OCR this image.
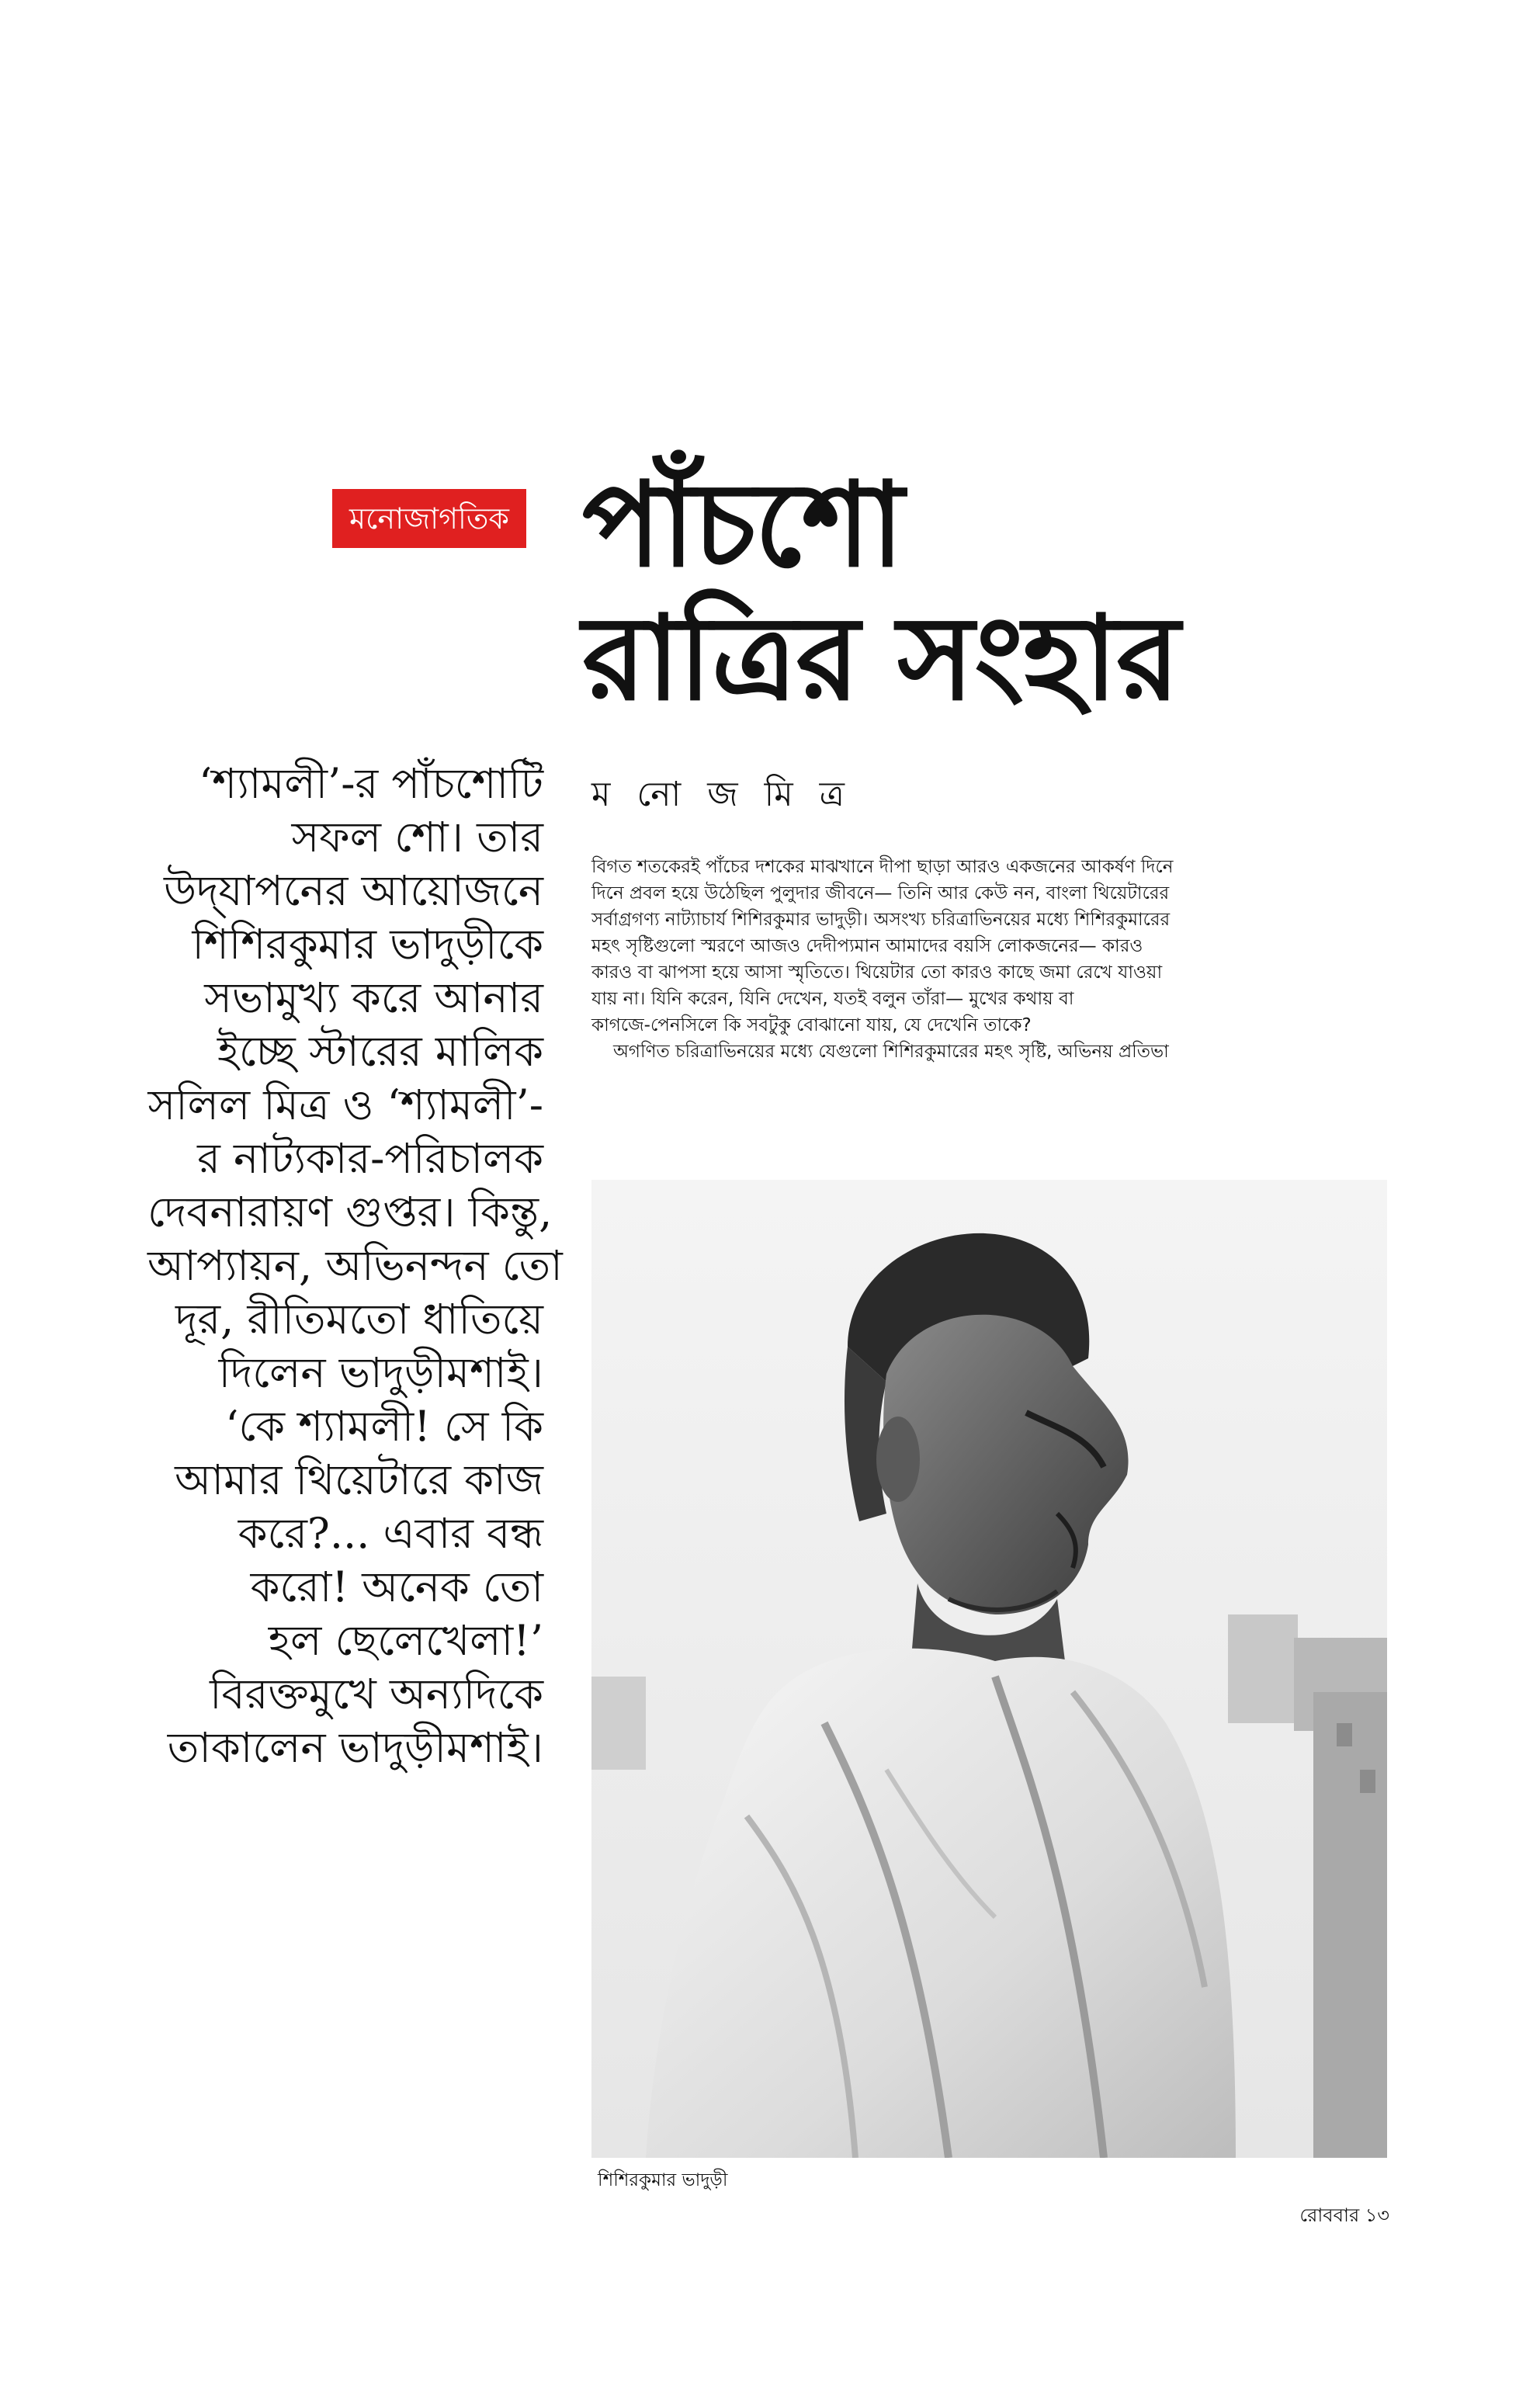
মনোজাগতিক পাঁচশো
রাত্রির সংহার
ম নো জ মি ত্র
‘শ্যামলী’-র পাঁচশোটি
সফল শো। তার
উদ্‌যাপনের আয়োজনে
শিশিরকুমার ভাদুড়ীকে
সভামুখ্য করে আনার
ইচ্ছে স্টারের মালিক
সলিল মিত্র ও ‘শ্যামলী’-
র নাট্যকার-পরিচালক
দেবনারায়ণ গুপ্তর। কিন্তু,
আপ্যায়ন, অভিনন্দন তো
দূর, রীতিমতো ধাতিয়ে
দিলেন ভাদুড়ীমশাই।
‘কে শ্যামলী! সে কি
আমার থিয়েটারে কাজ
করে?... এবার বন্ধ
করো! অনেক তো
হল ছেলেখেলা!’
বিরক্তমুখে অন্যদিকে
তাকালেন ভাদুড়ীমশাই।
বিগত শতকেরই পাঁচের দশকের মাঝখানে দীপা ছাড়া আরও একজনের আকর্ষণ দিনে
দিনে প্রবল হয়ে উঠেছিল পুলুদার জীবনে— তিনি আর কেউ নন, বাংলা থিয়েটারের
সর্বাগ্রগণ্য নাট্যাচার্য শিশিরকুমার ভাদুড়ী। অসংখ্য চরিত্রাভিনয়ের মধ্যে শিশিরকুমারের
মহৎ সৃষ্টিগুলো স্মরণে আজও দেদীপ্যমান আমাদের বয়সি লোকজনের— কারও
কারও বা ঝাপসা হয়ে আসা স্মৃতিতে। থিয়েটার তো কারও কাছে জমা রেখে যাওয়া
যায় না। যিনি করেন, যিনি দেখেন, যতই বলুন তাঁরা— মুখের কথায় বা
কাগজে-পেনসিলে কি সবটুকু বোঝানো যায়, যে দেখেনি তাকে?
অগণিত চরিত্রাভিনয়ের মধ্যে যেগুলো শিশিরকুমারের মহৎ সৃষ্টি, অভিনয় প্রতিভা
শিশিরকুমার ভাদুড়ী
রোববার ১৩
